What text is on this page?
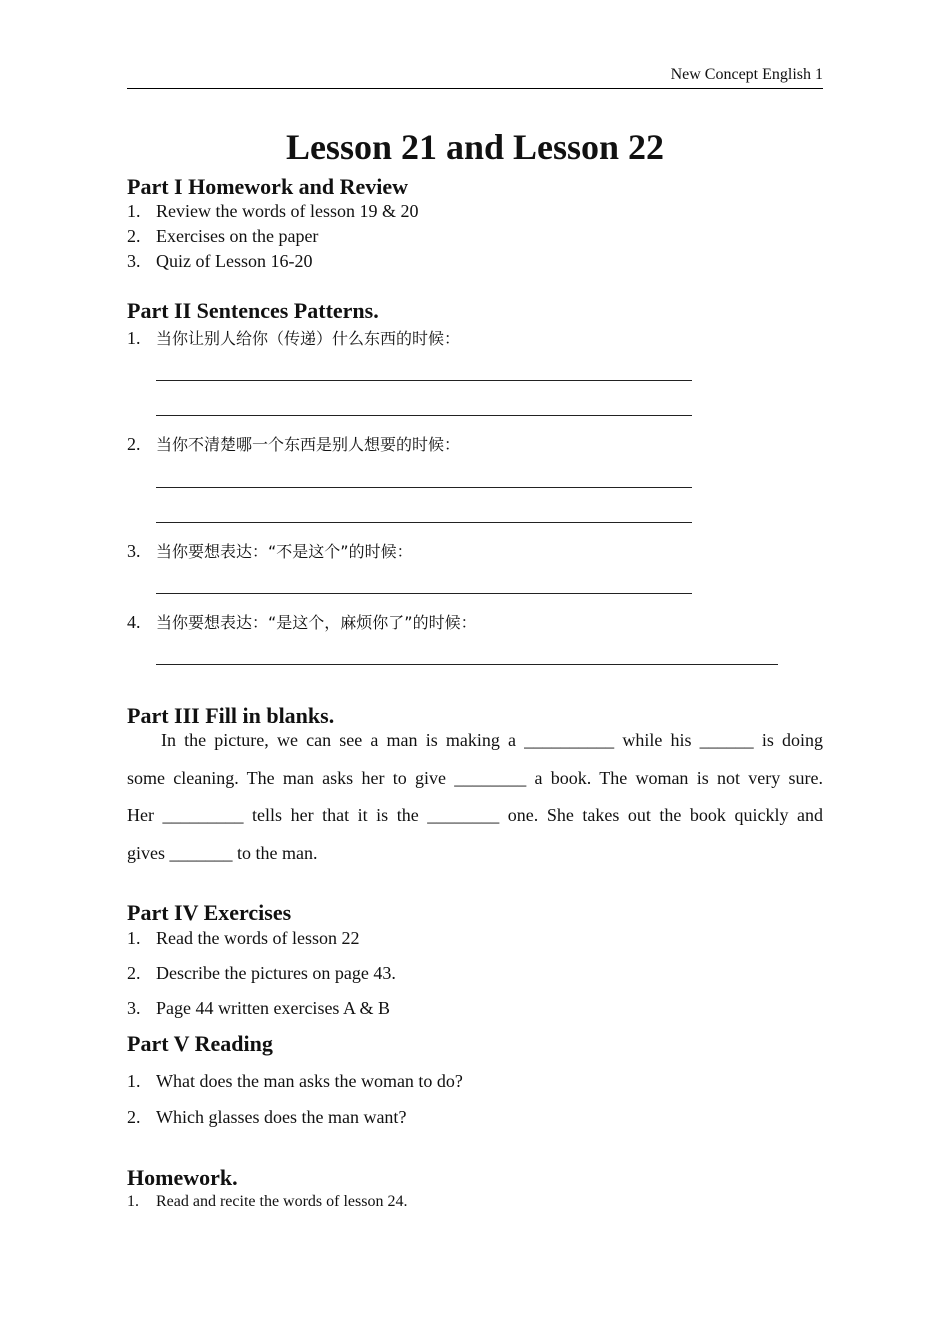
New Concept English 1
Lesson 21 and Lesson 22
Part I Homework and Review
1. Review the words of lesson 19 & 20
2. Exercises on the paper
3. Quiz of Lesson 16-20
Part II Sentences Patterns.
1. 当你让别人给你（传递）什么东西的时候：
2. 当你不清楚哪一个东西是别人想要的时候：
3. 当你要想表达：“不是这个”的时候：
4. 当你要想表达：“是这个，麻烦你了”的时候：
Part III Fill in blanks.
In the picture, we can see a man is making a __________ while his ______ is doing
some cleaning. The man asks her to give ________ a book. The woman is not very sure.
Her _________ tells her that it is the ________ one. She takes out the book quickly and
gives _______ to the man.
Part IV Exercises
1. Read the words of lesson 22
2. Describe the pictures on page 43.
3. Page 44 written exercises A & B
Part V Reading
1. What does the man asks the woman to do?
2. Which glasses does the man want?
Homework.
1. Read and recite the words of lesson 24.
